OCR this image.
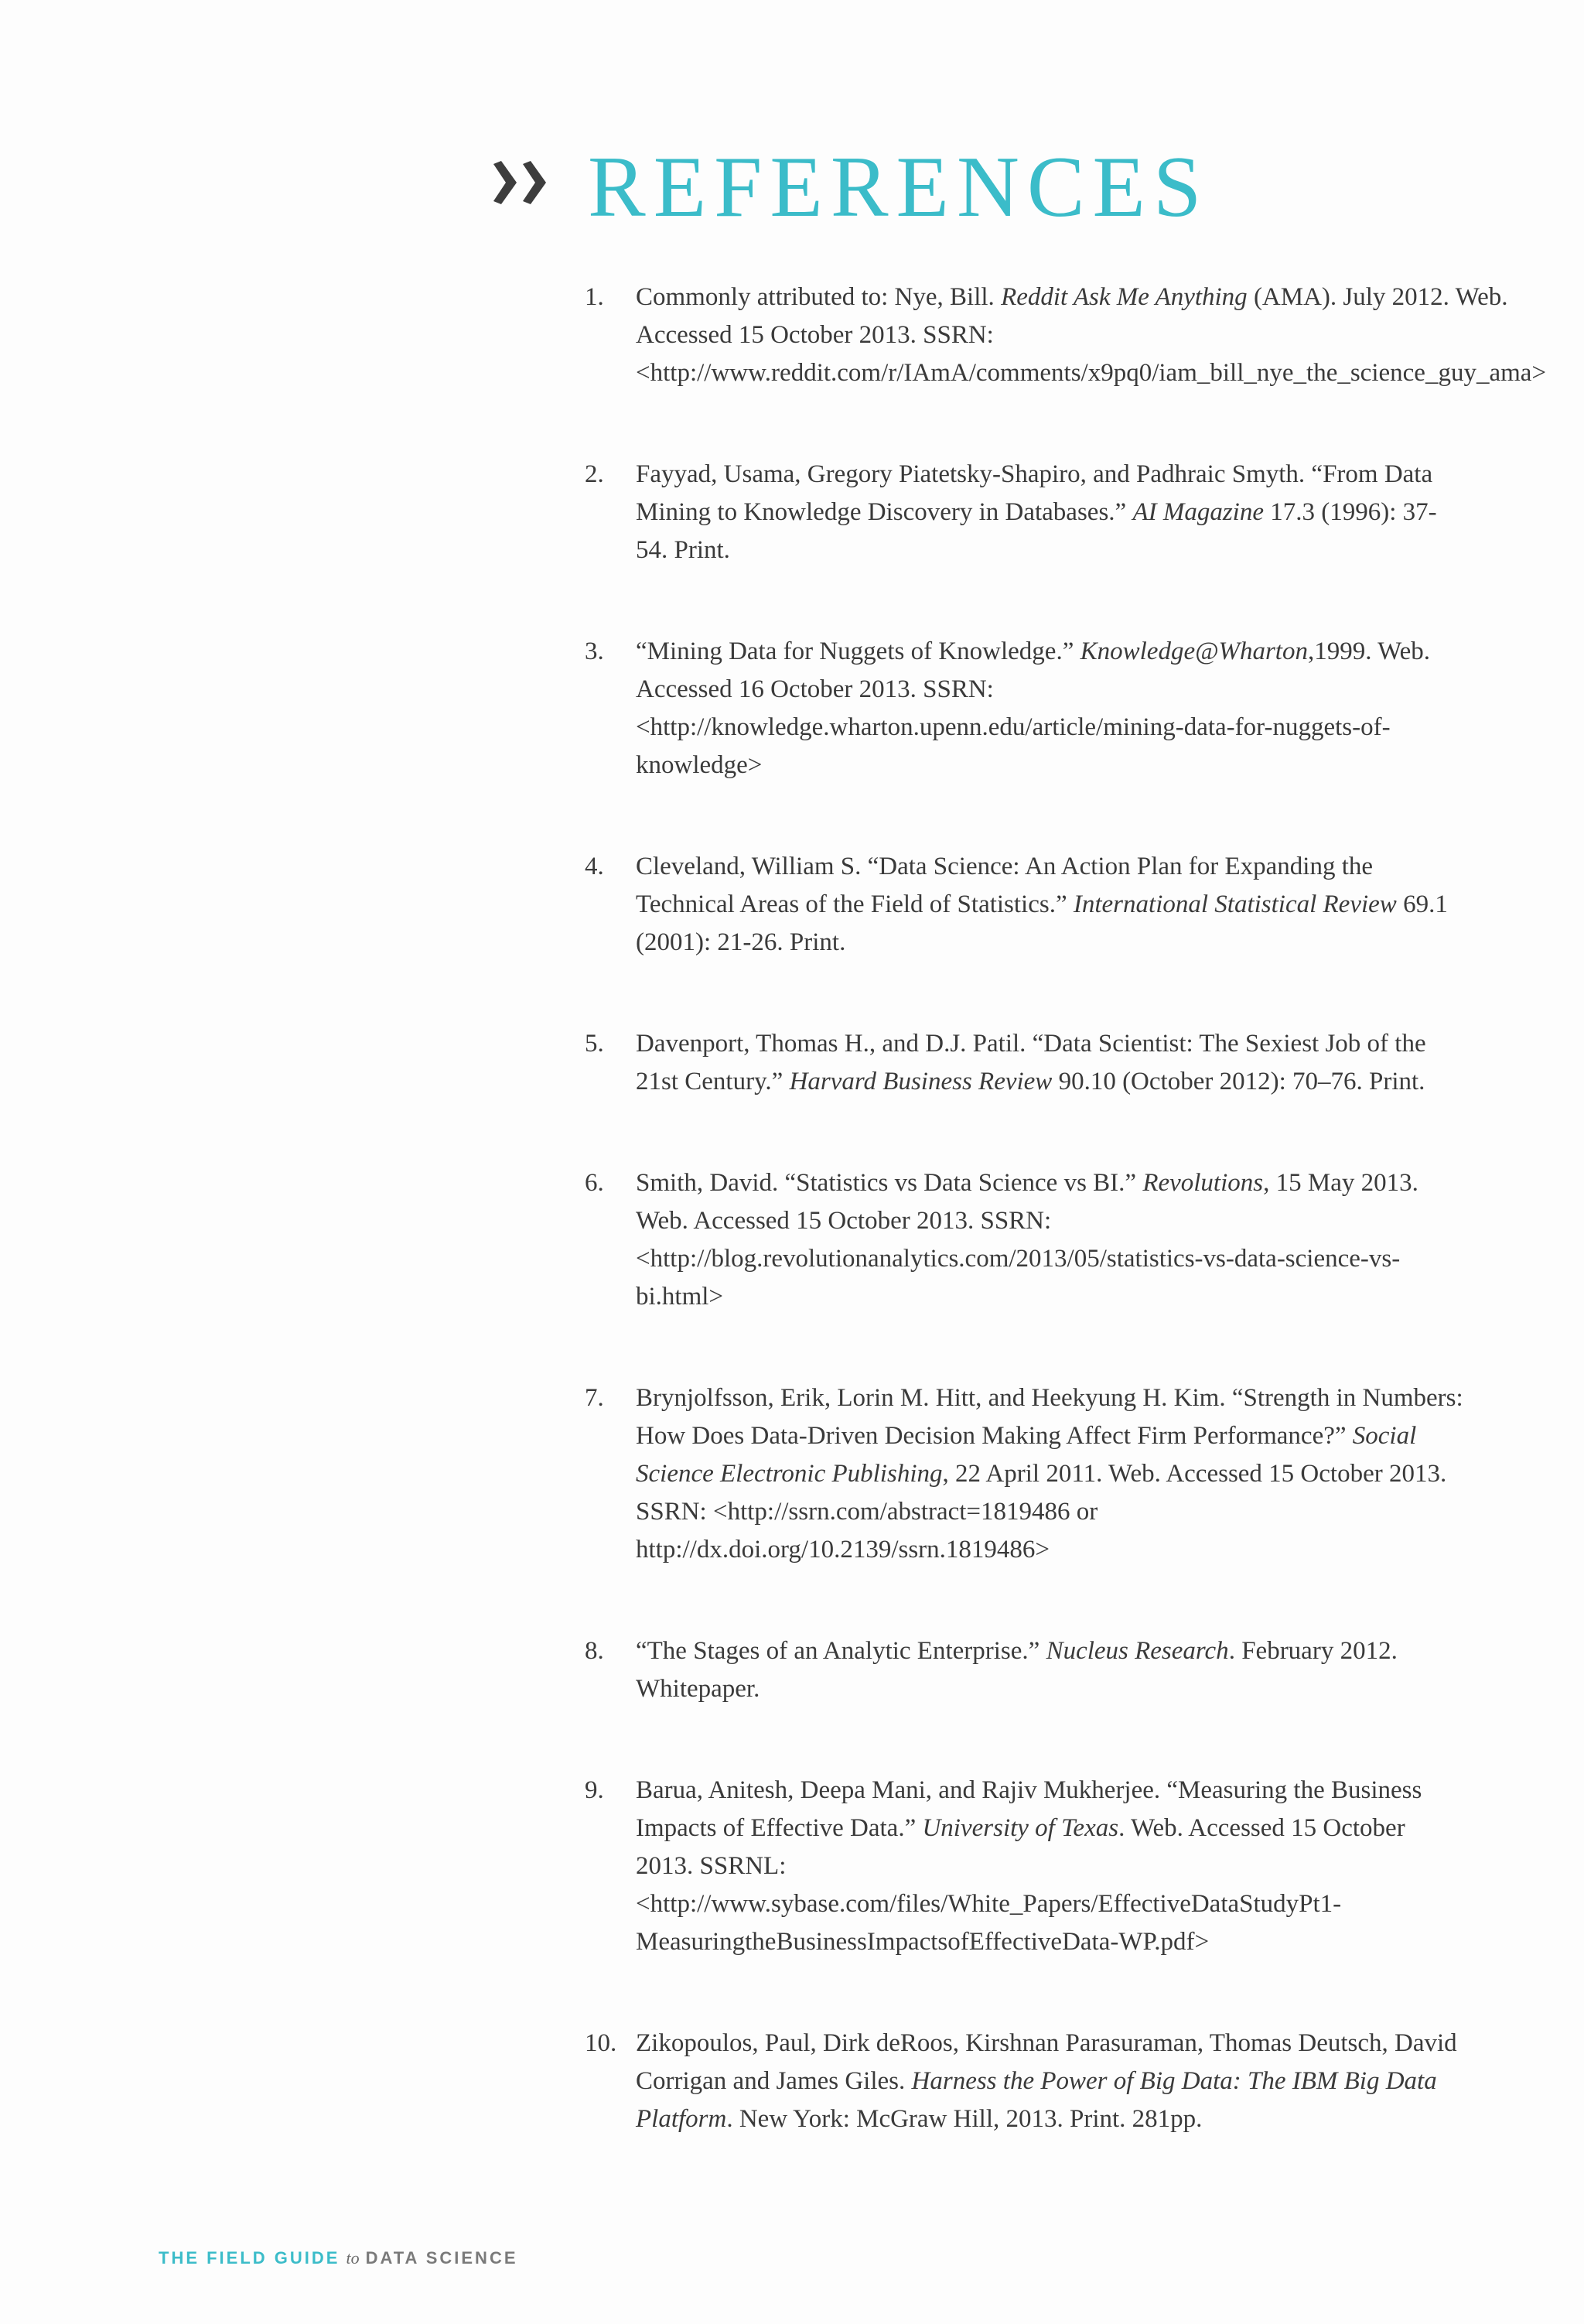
REFERENCES
1.	Commonly attributed to: Nye, Bill. Reddit Ask Me Anything (AMA). July 2012. Web. Accessed 15 October 2013. SSRN: <http://www.reddit.com/r/IAmA/comments/x9pq0/iam_bill_nye_the_science_guy_ama>
2.	Fayyad, Usama, Gregory Piatetsky-Shapiro, and Padhraic Smyth. “From Data Mining to Knowledge Discovery in Databases.” AI Magazine 17.3 (1996): 37-54. Print.
3.	“Mining Data for Nuggets of Knowledge.” Knowledge@Wharton,1999. Web. Accessed 16 October 2013. SSRN: <http://knowledge.wharton.upenn.edu/article/mining-data-for-nuggets-of-knowledge>
4.	Cleveland, William S. “Data Science: An Action Plan for Expanding the Technical Areas of the Field of Statistics.” International Statistical Review 69.1 (2001): 21-26. Print.
5.	Davenport, Thomas H., and D.J. Patil. “Data Scientist: The Sexiest Job of the 21st Century.” Harvard Business Review 90.10 (October 2012): 70–76. Print.
6.	Smith, David. “Statistics vs Data Science vs BI.” Revolutions, 15 May 2013. Web. Accessed 15 October 2013. SSRN:<http://blog.revolutionanalytics.com/2013/05/statistics-vs-data-science-vs-bi.html>
7.	Brynjolfsson, Erik, Lorin M. Hitt, and Heekyung H. Kim. “Strength in Numbers: How Does Data-Driven Decision Making Affect Firm Performance?” Social Science Electronic Publishing, 22 April 2011. Web. Accessed 15 October 2013. SSRN: <http://ssrn.com/abstract=1819486 or http://dx.doi.org/10.2139/ssrn.1819486>
8.	“The Stages of an Analytic Enterprise.” Nucleus Research. February 2012. Whitepaper.
9.	Barua, Anitesh, Deepa Mani, and Rajiv Mukherjee. “Measuring the Business Impacts of Effective Data.” University of Texas. Web. Accessed 15 October 2013. SSRNL: <http://www.sybase.com/files/White_Papers/EffectiveDataStudyPt1-MeasuringtheBusinessImpactsofEffectiveData-WP.pdf>
10. Zikopoulos, Paul, Dirk deRoos, Kirshnan Parasuraman, Thomas Deutsch, David Corrigan and James Giles. Harness the Power of Big Data: The IBM Big Data Platform. New York: McGraw Hill, 2013. Print. 281pp.
THE FIELD GUIDE to DATA SCIENCE
